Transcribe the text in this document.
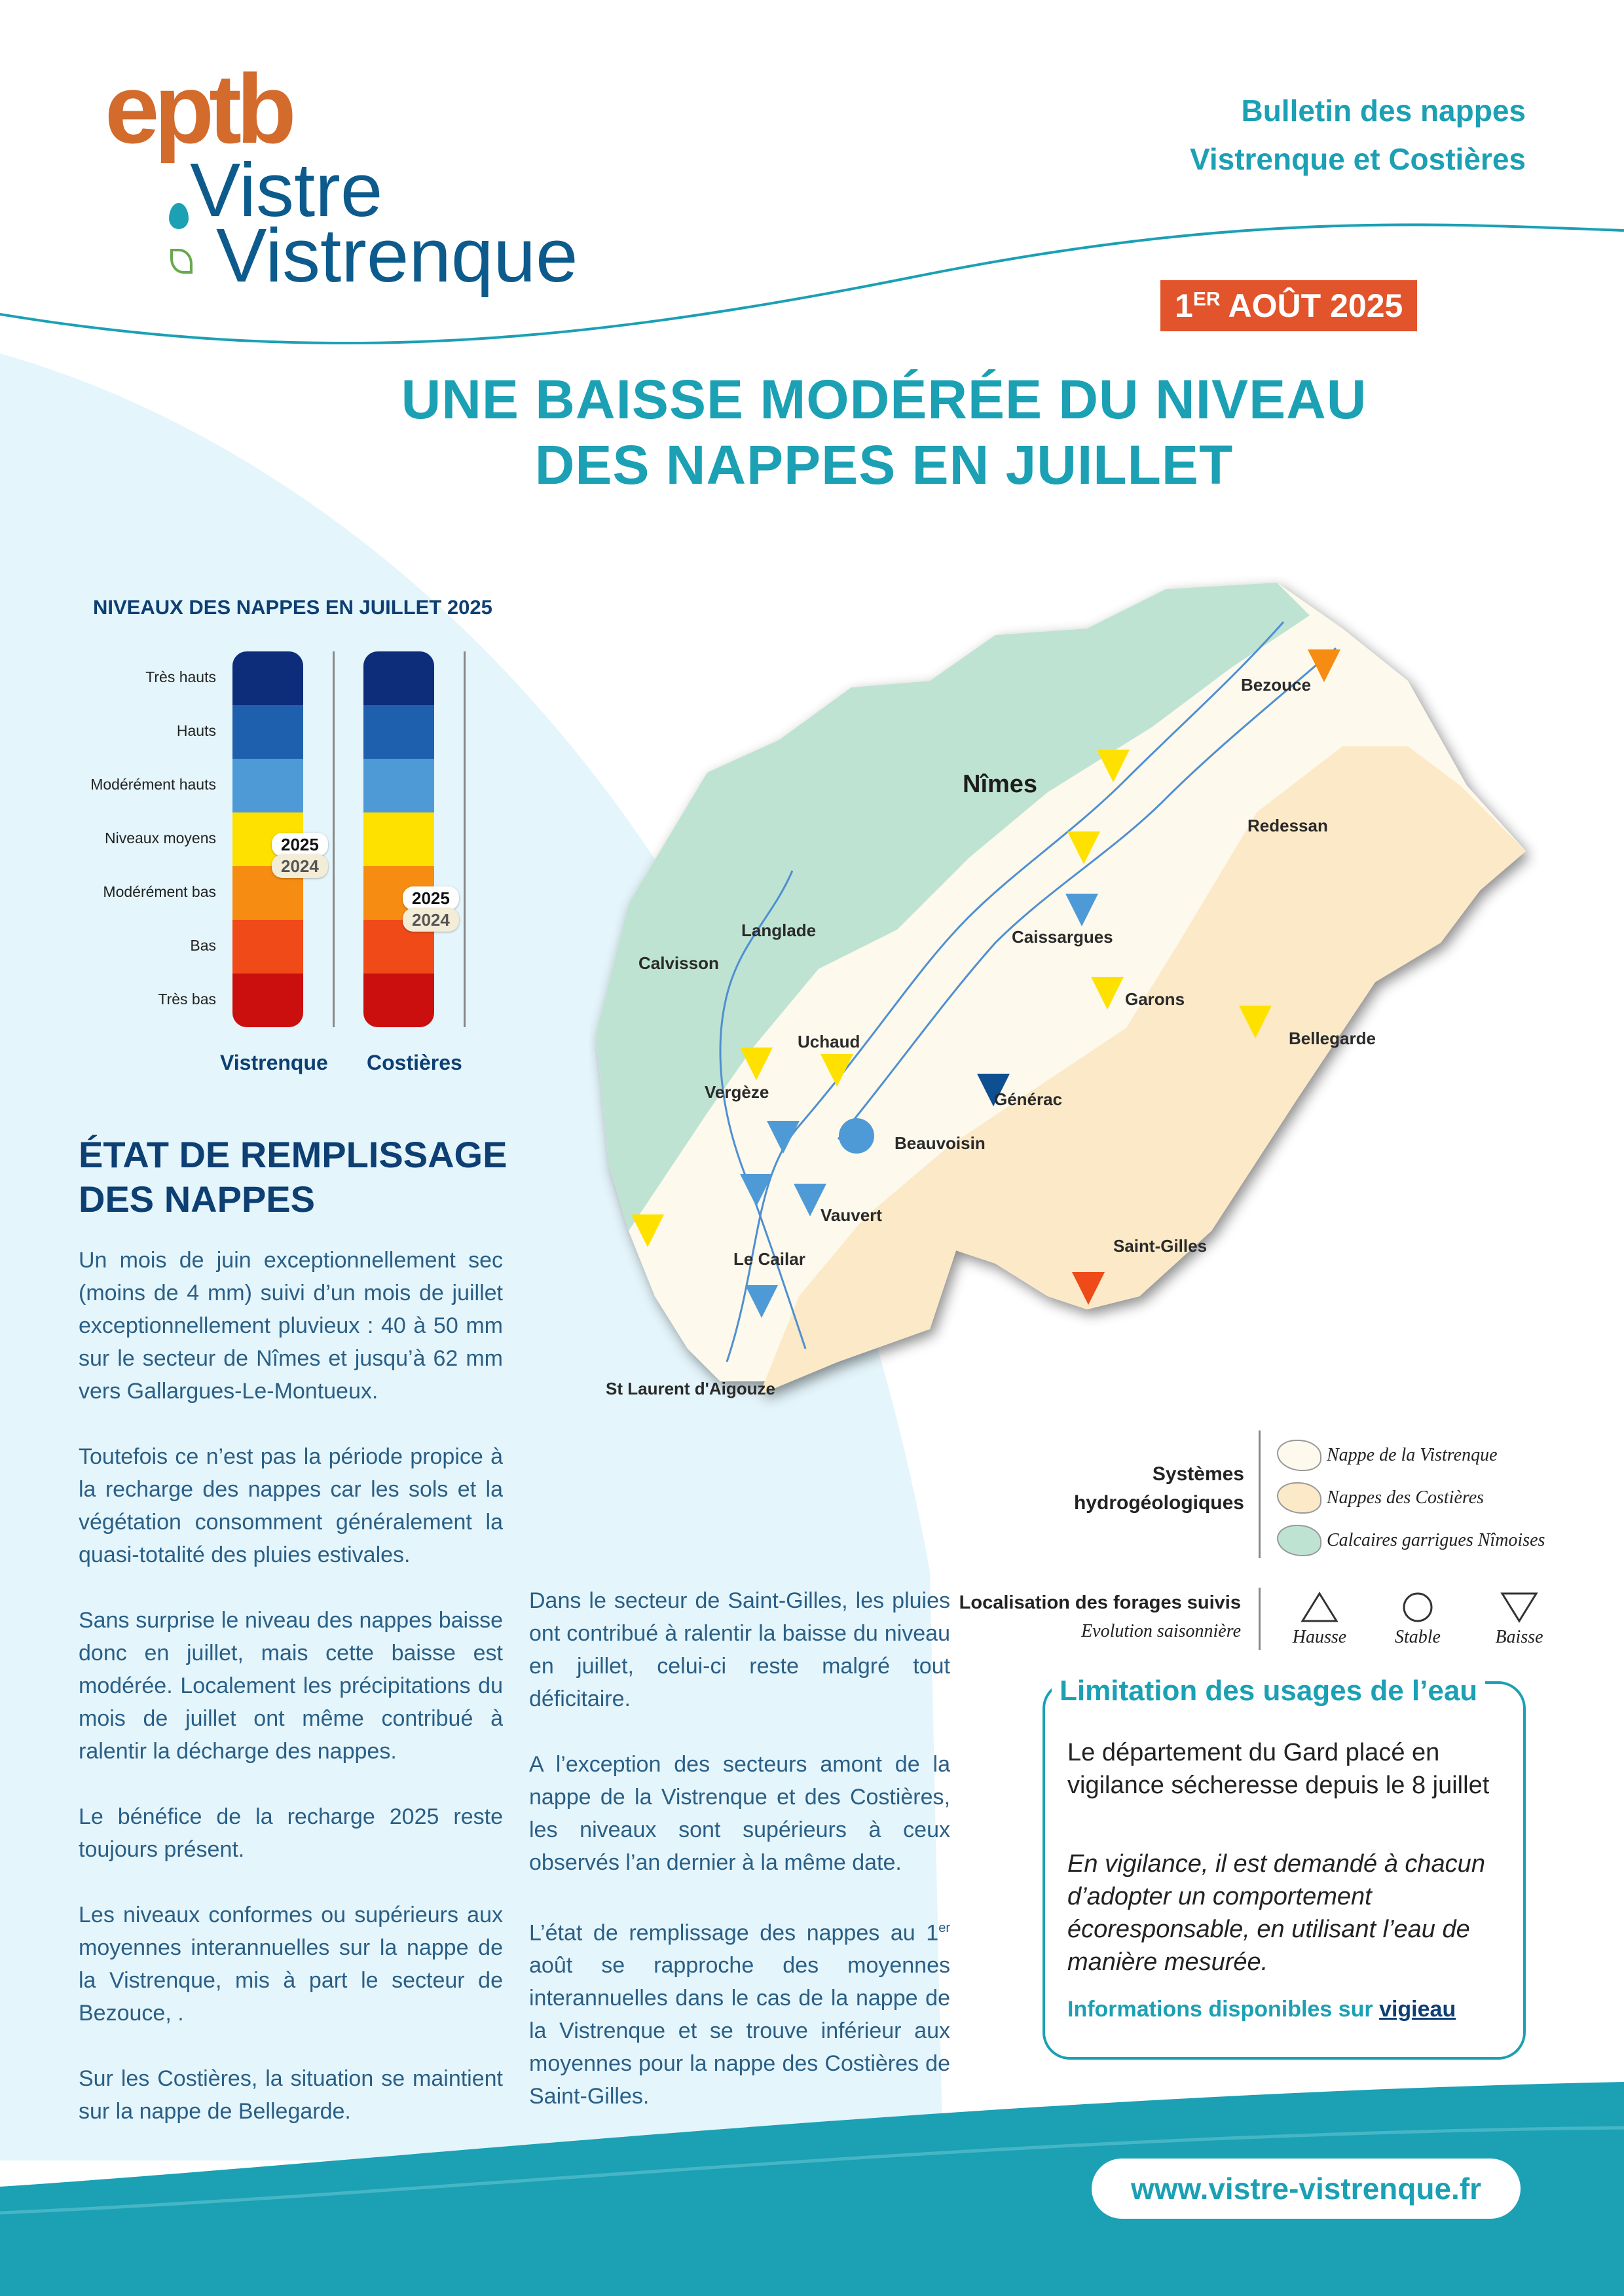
eptb
Vistre
Vistrenque
Bulletin des nappes
Vistrenque et Costières
1ER AOÛT 2025
UNE BAISSE MODÉRÉE DU NIVEAU
DES NAPPES EN JUILLET
NIVEAUX DES NAPPES EN JUILLET 2025
Très hauts
Hauts
Modérément hauts
Niveaux moyens
Modérément bas
Bas
Très bas
2025
2024
2025
2024
Vistrenque Costières
ÉTAT DE REMPLISSAGE
DES NAPPES

Un mois de juin exceptionnellement sec (moins de 4 mm) suivi d’un mois de juillet exceptionnellement pluvieux : 40 à 50 mm sur le secteur de Nîmes et jusqu’à 62 mm vers Gallargues-Le-Montueux.

Toutefois ce n’est pas la période propice à la recharge des nappes car les sols et la végétation consomment généralement la quasi-totalité des pluies estivales.

Sans surprise le niveau des nappes baisse donc en juillet, mais cette baisse est modérée. Localement les précipitations du mois de juillet ont même contribué à ralentir la décharge des nappes.

Le bénéfice de la recharge 2025 reste toujours présent.

Les niveaux conformes ou supérieurs aux moyennes interannuelles sur la nappe de la Vistrenque, mis à part le secteur de Bezouce, .

Sur les Costières, la situation se maintient sur la nappe de Bellegarde.

Dans le secteur de Saint-Gilles, les pluies ont contribué à ralentir la baisse du niveau en juillet, celui-ci reste malgré tout déficitaire.

A l’exception des secteurs amont de la nappe de la Vistrenque et des Costières, les niveaux sont supérieurs à ceux observés l’an dernier à la même date.

L’état de remplissage des nappes au 1er août se rapproche des moyennes interannuelles dans le cas de la nappe de la Vistrenque et se trouve inférieur aux moyennes pour la nappe des Costières de Saint-Gilles.

Nîmes
Bezouce
Redessan
Langlade
Calvisson
Caissargues
Garons
Bellegarde
Uchaud
Vergèze	Générac
Beauvoisin
Vauvert
Le Cailar
Saint-Gilles
St Laurent d'Aigouze
Systèmes hydrogéologiques
Nappe de la Vistrenque
Nappes des Costières
Calcaires garrigues Nîmoises
Localisation des forages suivis
Evolution saisonnière	Hausse	Stable	Baisse
Limitation des usages de l’eau
Le département du Gard placé en vigilance sécheresse depuis le 8 juillet
En vigilance, il est demandé à chacun d’adopter un comportement écoresponsable, en utilisant l’eau de manière mesurée.
Informations disponibles sur vigieau
www.vistre-vistrenque.fr
